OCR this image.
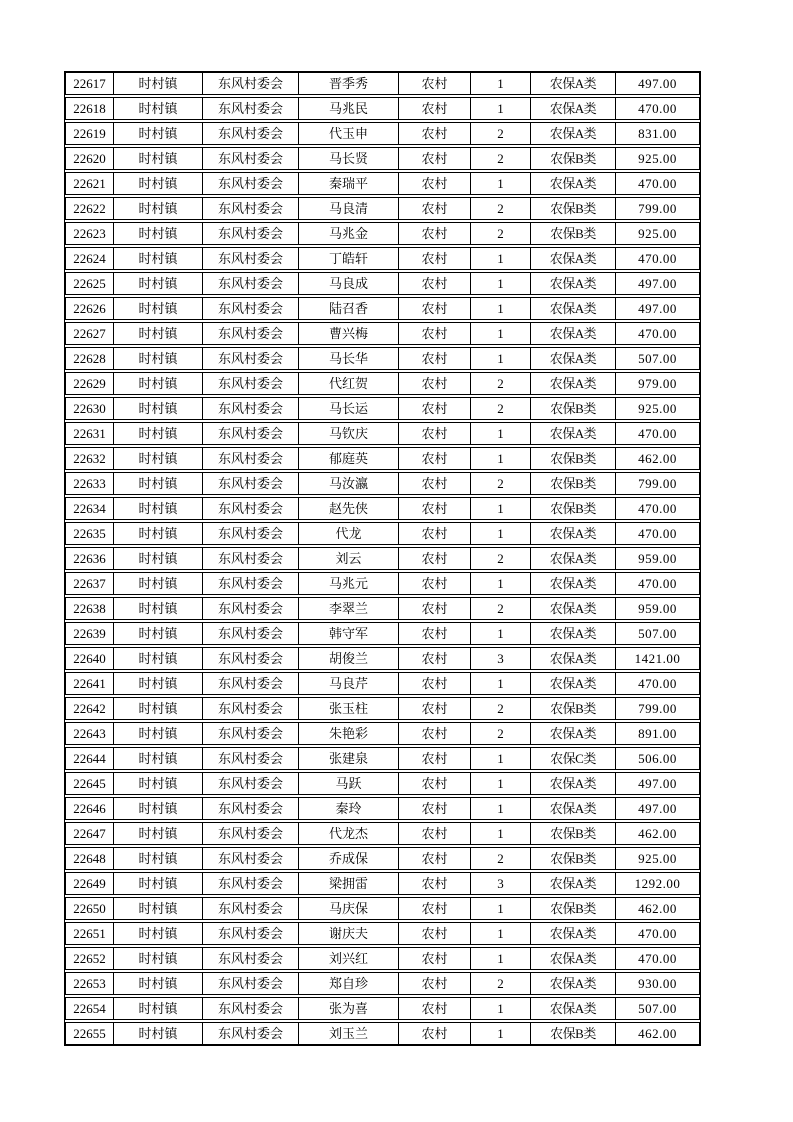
22617	时村镇	东风村委会	晋季秀	农村	1	农保A类	497.00
22618	时村镇	东风村委会	马兆民	农村	1	农保A类	470.00
22619	时村镇	东风村委会	代玉申	农村	2	农保A类	831.00
22620	时村镇	东风村委会	马长贤	农村	2	农保B类	925.00
22621	时村镇	东风村委会	秦瑞平	农村	1	农保A类	470.00
22622	时村镇	东风村委会	马良清	农村	2	农保B类	799.00
22623	时村镇	东风村委会	马兆金	农村	2	农保B类	925.00
22624	时村镇	东风村委会	丁皓轩	农村	1	农保A类	470.00
22625	时村镇	东风村委会	马良成	农村	1	农保A类	497.00
22626	时村镇	东风村委会	陆召香	农村	1	农保A类	497.00
22627	时村镇	东风村委会	曹兴梅	农村	1	农保A类	470.00
22628	时村镇	东风村委会	马长华	农村	1	农保A类	507.00
22629	时村镇	东风村委会	代红贺	农村	2	农保A类	979.00
22630	时村镇	东风村委会	马长运	农村	2	农保B类	925.00
22631	时村镇	东风村委会	马钦庆	农村	1	农保A类	470.00
22632	时村镇	东风村委会	郁庭英	农村	1	农保B类	462.00
22633	时村镇	东风村委会	马汝瀛	农村	2	农保B类	799.00
22634	时村镇	东风村委会	赵先侠	农村	1	农保B类	470.00
22635	时村镇	东风村委会	代龙	农村	1	农保A类	470.00
22636	时村镇	东风村委会	刘云	农村	2	农保A类	959.00
22637	时村镇	东风村委会	马兆元	农村	1	农保A类	470.00
22638	时村镇	东风村委会	李翠兰	农村	2	农保A类	959.00
22639	时村镇	东风村委会	韩守军	农村	1	农保A类	507.00
22640	时村镇	东风村委会	胡俊兰	农村	3	农保A类	1421.00
22641	时村镇	东风村委会	马良芹	农村	1	农保A类	470.00
22642	时村镇	东风村委会	张玉柱	农村	2	农保B类	799.00
22643	时村镇	东风村委会	朱艳彩	农村	2	农保A类	891.00
22644	时村镇	东风村委会	张建泉	农村	1	农保C类	506.00
22645	时村镇	东风村委会	马跃	农村	1	农保A类	497.00
22646	时村镇	东风村委会	秦玲	农村	1	农保A类	497.00
22647	时村镇	东风村委会	代龙杰	农村	1	农保B类	462.00
22648	时村镇	东风村委会	乔成保	农村	2	农保B类	925.00
22649	时村镇	东风村委会	梁拥雷	农村	3	农保A类	1292.00
22650	时村镇	东风村委会	马庆保	农村	1	农保B类	462.00
22651	时村镇	东风村委会	谢庆夫	农村	1	农保A类	470.00
22652	时村镇	东风村委会	刘兴红	农村	1	农保A类	470.00
22653	时村镇	东风村委会	郑自珍	农村	2	农保A类	930.00
22654	时村镇	东风村委会	张为喜	农村	1	农保A类	507.00
22655	时村镇	东风村委会	刘玉兰	农村	1	农保B类	462.00
